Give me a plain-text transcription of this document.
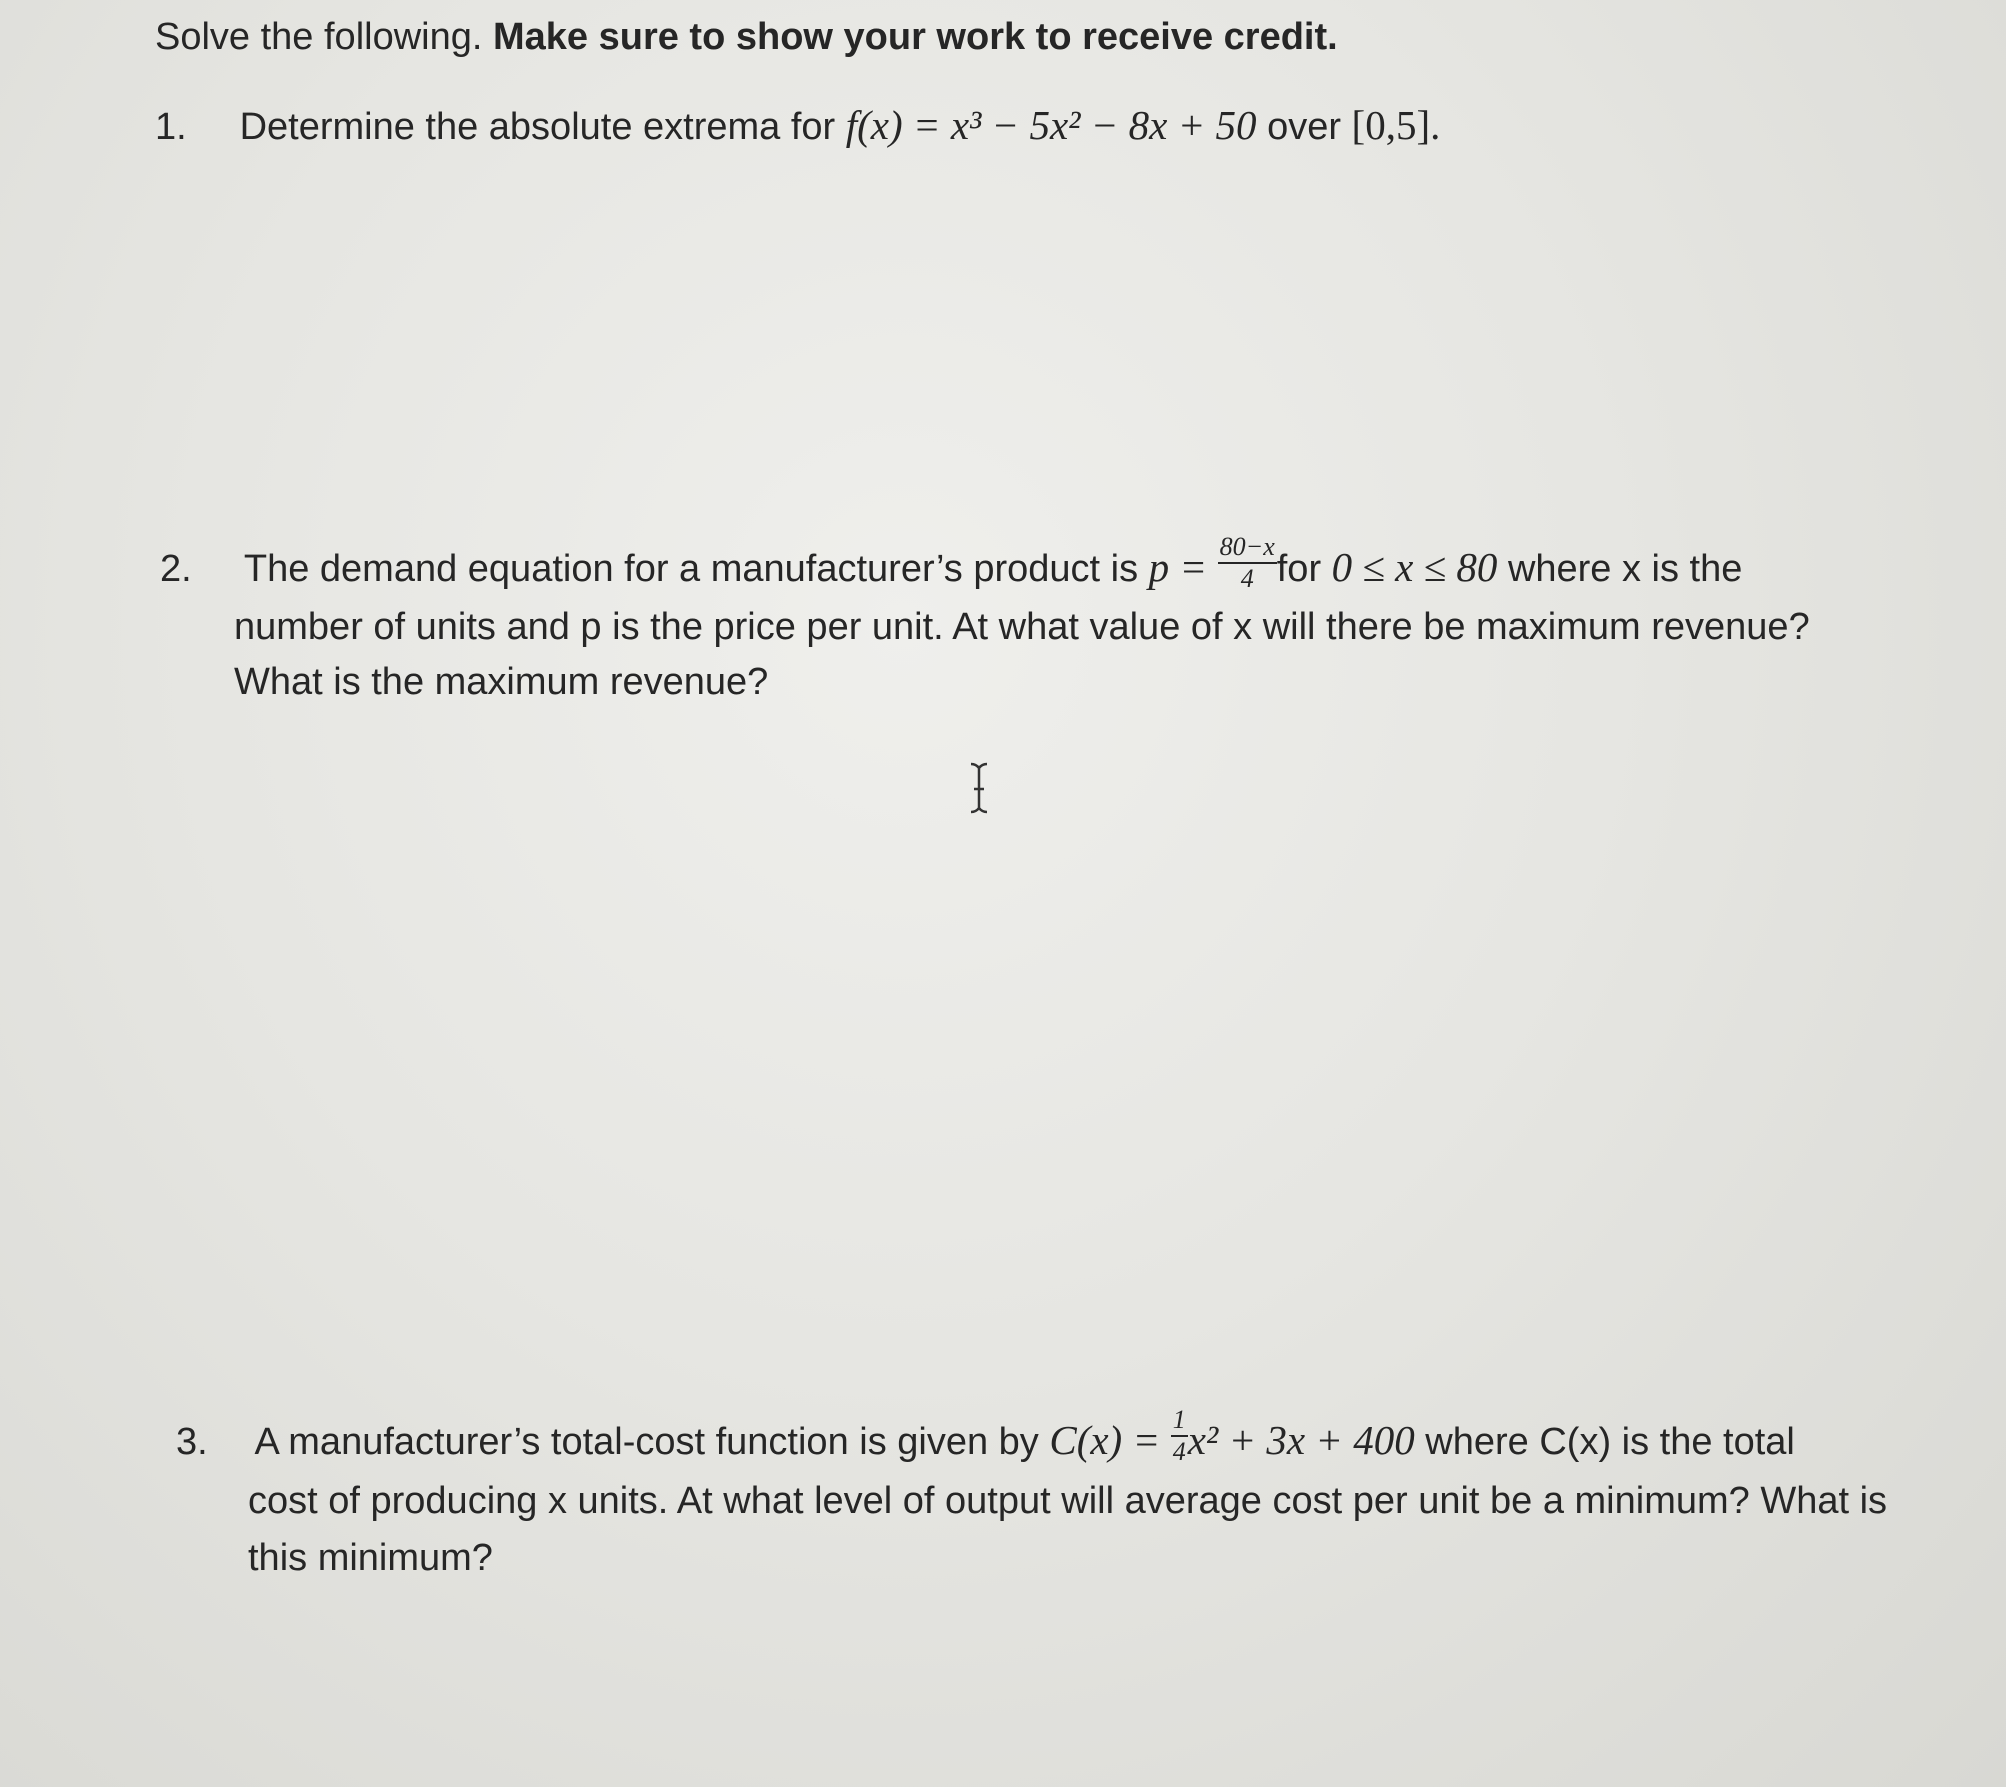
Solve the following. Make sure to show your work to receive credit.
1. Determine the absolute extrema for f(x) = x³ − 5x² − 8x + 50 over [0,5].
2. The demand equation for a manufacturer’s product is $p = \frac{80-x}{4}$ for 0 ≤ x ≤ 80 where x is the
number of units and p is the price per unit. At what value of x will there be maximum revenue?
What is the maximum revenue?
3. A manufacturer’s total-cost function is given by $C(x) = \frac{1}{4} x^2 + 3x + 400$ where C(x) is the total
cost of producing x units. At what level of output will average cost per unit be a minimum? What is
this minimum?
